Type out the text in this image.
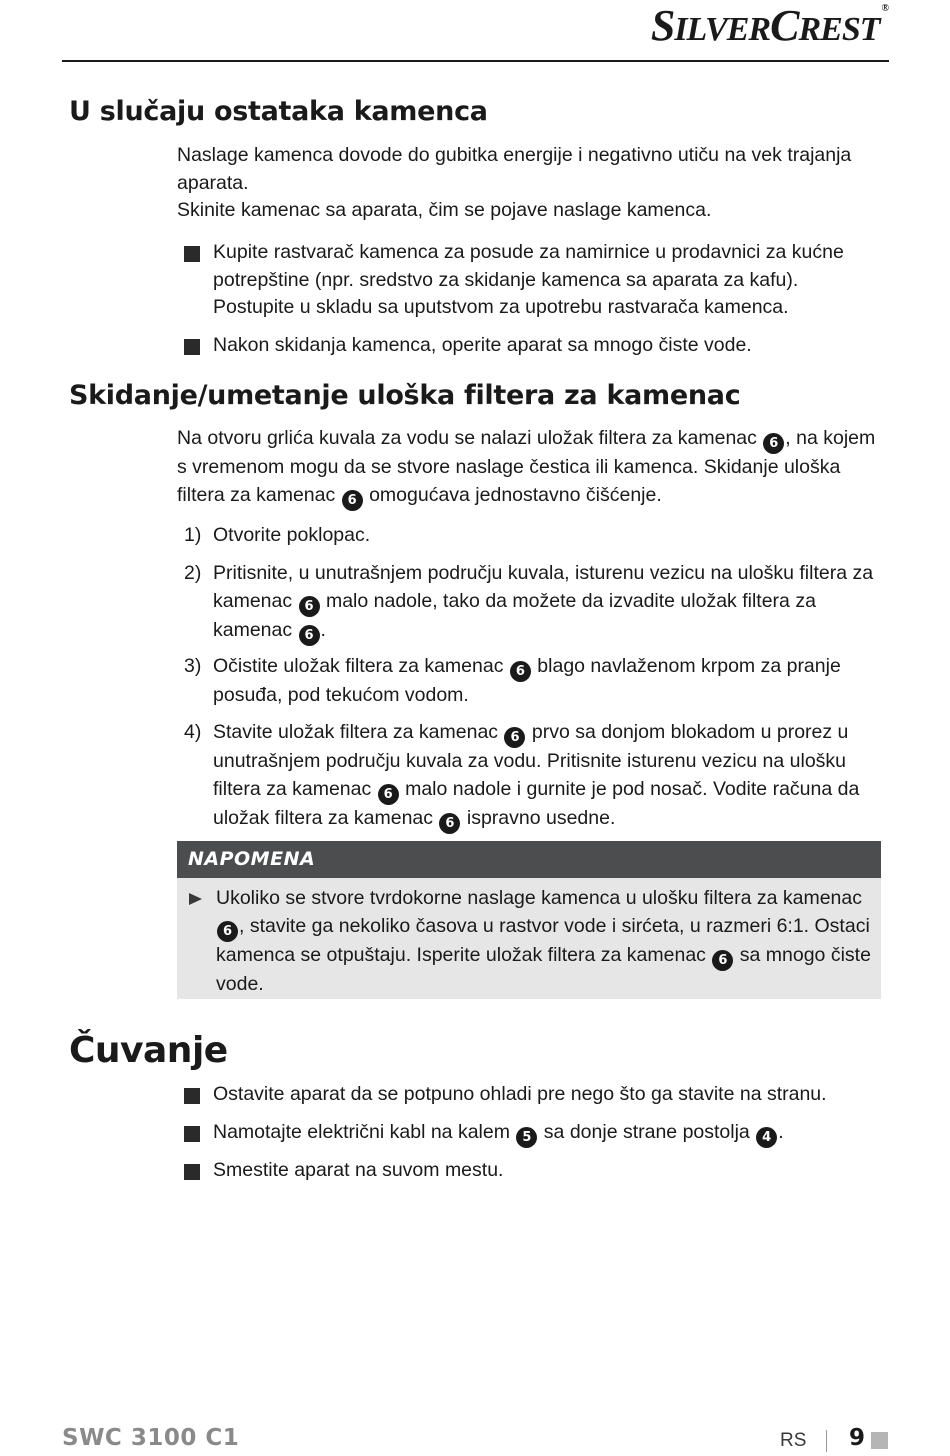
SILVERCREST®
U slučaju ostataka kamenca

Naslage kamenca dovode do gubitka energije i negativno utiču na vek trajanja aparata.

Skinite kamenac sa aparata, čim se pojave naslage kamenca.

Kupite rastvarač kamenca za posude za namirnice u prodavnici za kućne potrepštine (npr. sredstvo za skidanje kamenca sa aparata za kafu). Postupite u skladu sa uputstvom za upotrebu rastvarača kamenca.
Nakon skidanja kamenca, operite aparat sa mnogo čiste vode.
Skidanje/umetanje uloška filtera za kamenac

Na otvoru grlića kuvala za vodu se nalazi uložak filtera za kamenac 6 , na kojem s vremenom mogu da se stvore naslage čestica ili kamenca. Skidanje uloška filtera za kamenac 6 omogućava jednostavno čišćenje.

1) Otvorite poklopac.
2) Pritisnite, u unutrašnjem području kuvala, isturenu vezicu na ulošku filtera za kamenac 6 malo nadole, tako da možete da izvadite uložak filtera za kamenac 6 .
3) Očistite uložak filtera za kamenac 6 blago navlaženom krpom za pranje posuđa, pod tekućom vodom.
4) Stavite uložak filtera za kamenac 6 prvo sa donjom blokadom u prorez u unutrašnjem području kuvala za vodu. Pritisnite isturenu vezicu na ulošku filtera za kamenac 6 malo nadole i gurnite je pod nosač. Vodite računa da uložak filtera za kamenac 6 ispravno usedne.
NAPOMENA
Ukoliko se stvore tvrdokorne naslage kamenca u ulošku filtera za kamenac 6 , stavite ga nekoliko časova u rastvor vode i sirćeta, u razmeri 6:1. Ostaci kamenca se otpuštaju. Isperite uložak filtera za kamenac 6 sa mnogo čiste vode.
Čuvanje
Ostavite aparat da se potpuno ohladi pre nego što ga stavite na stranu.
Namotajte električni kabl na kalem 5 sa donje strane postolja 4 .
Smestite aparat na suvom mestu.
SWC 3100 C1	RS 9
